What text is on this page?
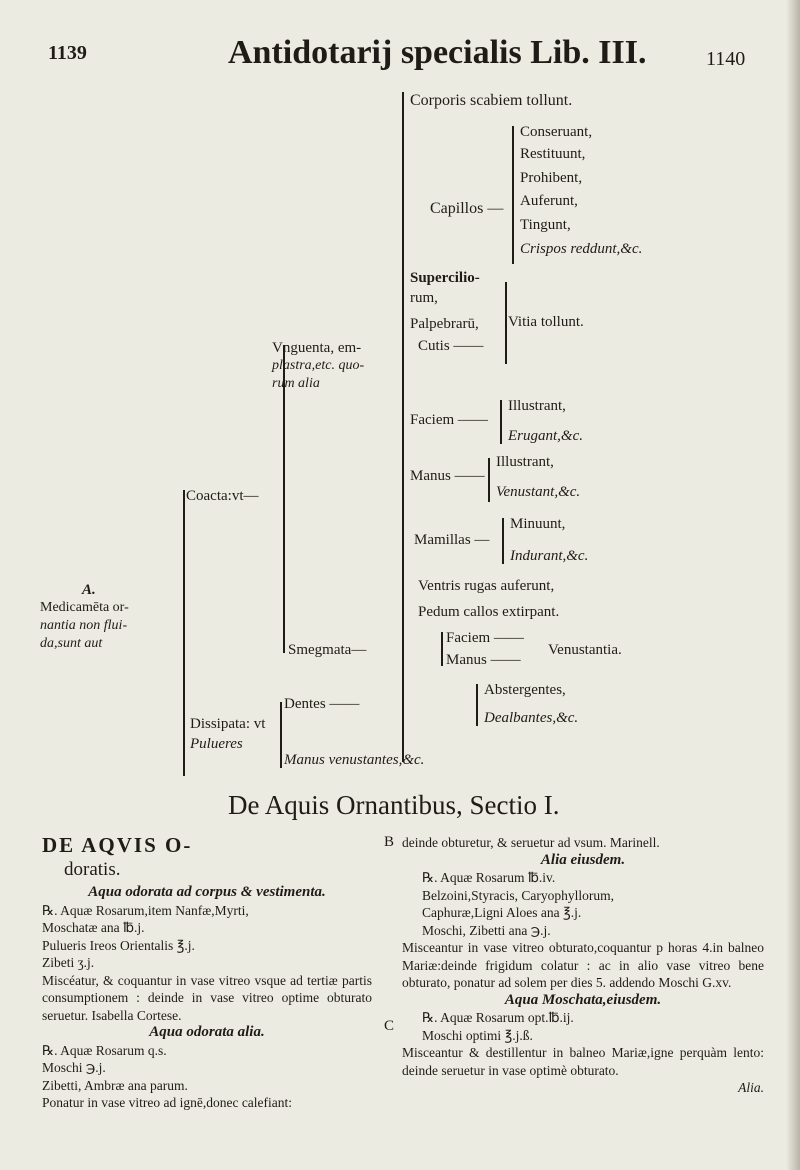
1139	Antidotarij specialis Lib. III.	1140
Corporis scabiem tollunt.
Capillos —
Conseruant,
Restituunt,
Prohibent,
Auferunt,
Tingunt,
Crispos reddunt,&c.
Supercilio-
rum,
Palpebrarū,
Cutis ——
Vitia tollunt.
Vnguenta, em-
plastra,etc. quo-
rum alia
Faciem ——
Illustrant,
Erugant,&c.
Manus ——
Illustrant,
Venustant,&c.
Coacta:vt—
Mamillas —
Minuunt,
Indurant,&c.
Ventris rugas auferunt,
Pedum callos extirpant.
A.
Medicamēta or-
nantia non flui-
da,sunt aut	Faciem ——
Smegmata—
Manus ——
Venustantia.
Abstergentes,
Dentes ——
Dealbantes,&c.
Dissipata: vt
Pulueres
Manus venustantes,&c.
De Aquis Ornantibus, Sectio I.

DE AQVIS O-

doratis.

Aqua odorata ad corpus & vestimenta.

℞. Aquæ Rosarum,item Nanfæ,Myrti,

Moschatæ ana ℔.j.

Pulueris Ireos Orientalis ℥.j.

Zibeti ʒ.j.

Miscéatur, & coquantur in vase vitreo vsque ad tertiæ partis consumptionem : deinde in vase vitreo optime obturato seruetur. Isabella Cortese.

Aqua odorata alia.

℞. Aquæ Rosarum q.s.

Moschi ℈.j.

Zibetti, Ambræ ana parum.

Ponatur in vase vitreo ad ignē,donec calefiant:

B
C

deinde obturetur, & seruetur ad vsum. Marinell.

Alia eiusdem.

℞. Aquæ Rosarum ℔.iv.

Belzoini,Styracis, Caryophyllorum,

Caphuræ,Ligni Aloes ana ℥.j.

Moschi, Zibetti ana ℈.j.

Misceantur in vase vitreo obturato,coquantur p horas 4.in balneo Mariæ:deinde frigidum colatur : ac in alio vase vitreo bene obturato, ponatur ad solem per dies 5. addendo Moschi G.xv.

Aqua Moschata,eiusdem.

℞. Aquæ Rosarum opt.℔.ij.

Moschi optimi ℥.j.ß.

Misceantur & destillentur in balneo Mariæ,igne perquàm lento: deinde seruetur in vase optimè obturato.

Alia.
